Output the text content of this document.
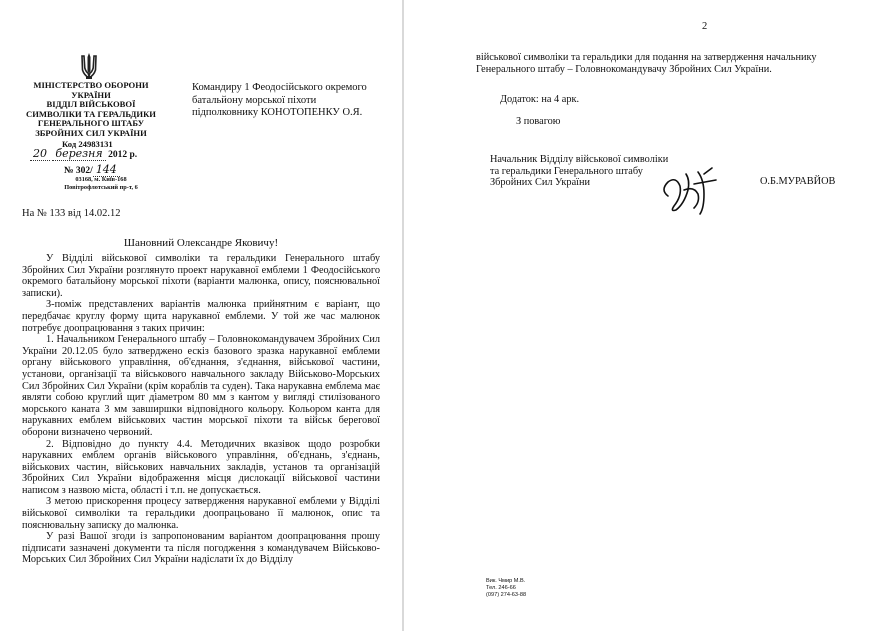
МІНІСТЕРСТВО ОБОРОНИ
УКРАЇНИ
ВІДДІЛ ВІЙСЬКОВОЇ
СИМВОЛІКИ ТА ГЕРАЛЬДИКИ
ГЕНЕРАЛЬНОГО ШТАБУ
ЗБРОЙНИХ СИЛ УКРАЇНИ
Код 24983131
20 березня 2012 р.
№ 302/ 144
03168, м. Київ-168
Повітрофлотський пр-т, 6
Командиру 1 Феодосійського окремого
батальйону морської піхоти
підполковнику КОНОТОПЕНКУ О.Я.
На № 133 від 14.02.12
Шановний Олександре Яковичу!

У Відділі військової символіки та геральдики Генерального штабу Збройних Сил України розглянуто проект нарукавної емблеми 1 Феодосійського окремого батальйону морської піхоти (варіанти малюнка, опису, пояснювальної записки).

З-поміж представлених варіантів малюнка прийнятним є варіант, що передбачає круглу форму щита нарукавної емблеми. У той же час малюнок потребує доопрацювання з таких причин:

1. Начальником Генерального штабу – Головнокомандувачем Збройних Сил України 20.12.05 було затверджено ескіз базового зразка нарукавної емблеми органу військового управління, об'єднання, з'єднання, військової частини, установи, організації та військового навчального закладу Військово-Морських Сил Збройних Сил України (крім кораблів та суден). Така нарукавна емблема має являти собою круглий щит діаметром 80 мм з кантом у вигляді стилізованого морського каната 3 мм завширшки відповідного кольору. Кольором канта для нарукавних емблем військових частин морської піхоти та військ берегової оборони визначено червоний.

2. Відповідно до пункту 4.4. Методичних вказівок щодо розробки нарукавних емблем органів військового управління, об'єднань, з'єднань, військових частин, військових навчальних закладів, установ та організацій Збройних Сил України відображення місця дислокації військової частини написом з назвою міста, області і т.п. не допускається.

З метою прискорення процесу затвердження нарукавної емблеми у Відділі військової символіки та геральдики доопрацьовано її малюнок, опис та пояснювальну записку до малюнка.

У разі Вашої згоди із запропонованим варіантом доопрацювання прошу підписати зазначені документи та після погодження з командувачем Військово-Морських Сил Збройних Сил України надіслати їх до Відділу

2

військової символіки та геральдики для подання на затвердження начальнику

Генерального штабу – Головнокомандувачу Збройних Сил України.

Додаток: на 4 арк.
З повагою
Начальник Відділу військової символіки
та геральдики Генерального штабу
Збройних Сил України	О.Б.МУРАВЙОВ
Вик. Чмир М.В.
Тел. 246-66
(097) 274-63-88
